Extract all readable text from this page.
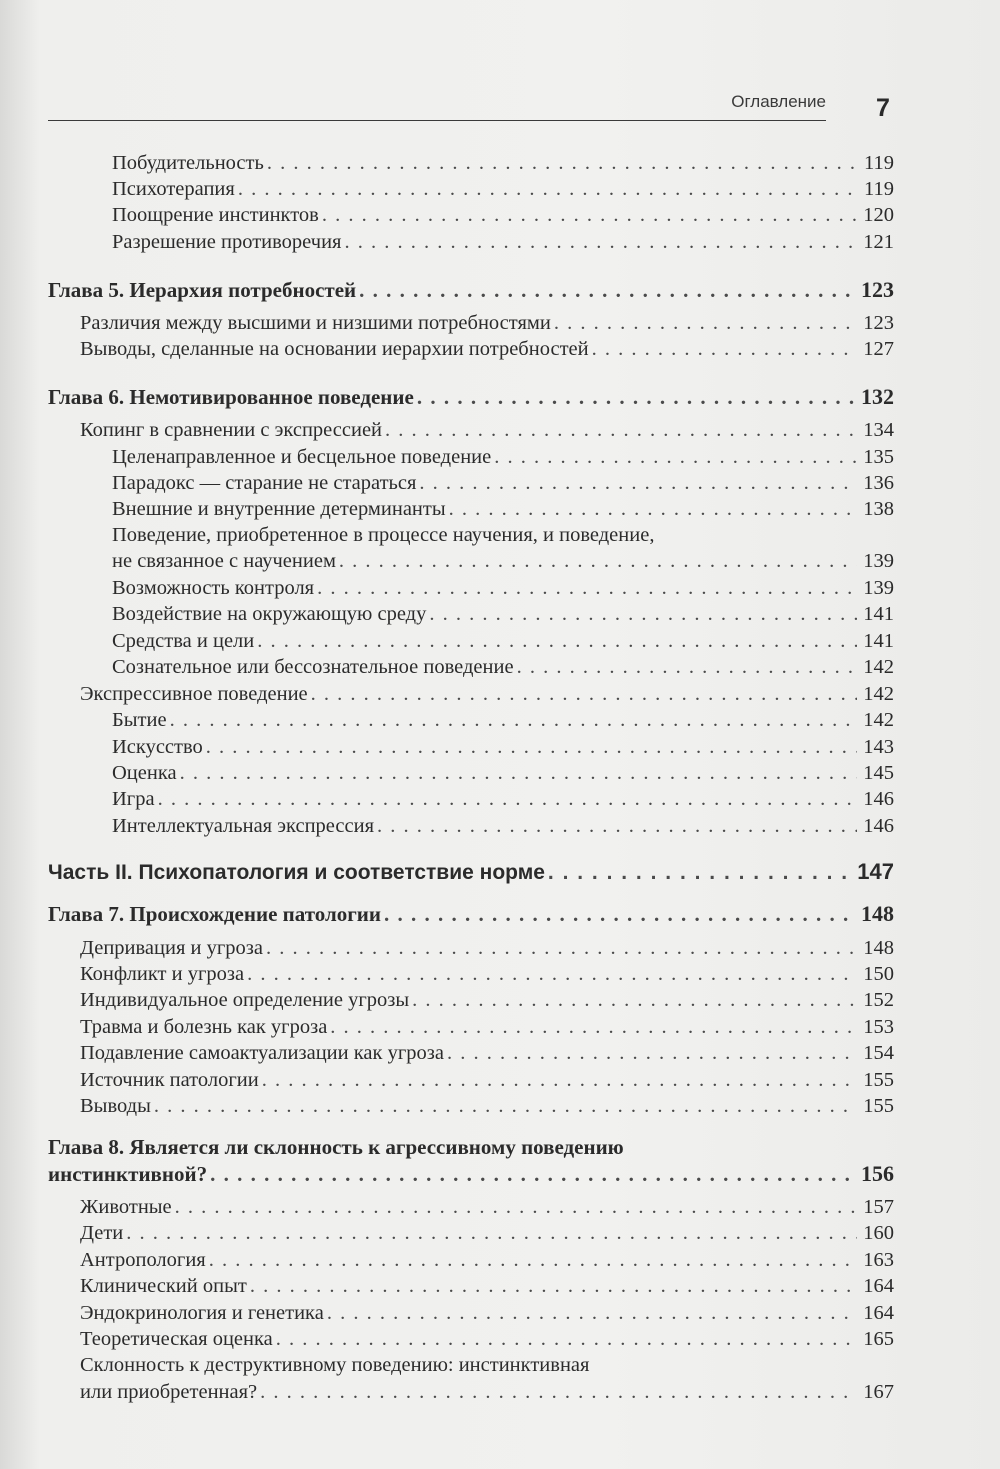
Оглавление 7
Побудительность . . .	119
Психотерапия . . .	119
Поощрение инстинктов . . .	120
Разрешение противоречия . . .	121
Глава 5. Иерархия потребностей . . .	123
Различия между высшими и низшими потребностями . . .	123
Выводы, сделанные на основании иерархии потребностей . . .	127
Глава 6. Немотивированное поведение . . .	132
Копинг в сравнении с экспрессией . . .	134
Целенаправленное и бесцельное поведение . . .	135
Парадокс — старание не стараться . . .	136
Внешние и внутренние детерминанты . . .	138
Поведение, приобретенное в процессе научения, и поведение,
не связанное с научением . . .	139
Возможность контроля . . .	139
Воздействие на окружающую среду . . .	141
Средства и цели . . .	141
Сознательное или бессознательное поведение . . .	142
Экспрессивное поведение . . .	142
Бытие . . .	142
Искусство . . .	143
Оценка . . .	145
Игра . . .	146
Интеллектуальная экспрессия . . .	146
Часть II. Психопатология и соответствие норме . . .	147
Глава 7. Происхождение патологии . . .	148
Депривация и угроза . . .	148
Конфликт и угроза . . .	150
Индивидуальное определение угрозы . . .	152
Травма и болезнь как угроза . . .	153
Подавление самоактуализации как угроза . . .	154
Источник патологии . . .	155
Выводы . . .	155
Глава 8. Является ли склонность к агрессивному поведению
инстинктивной? . . .	156
Животные . . .	157
Дети . . .	160
Антропология . . .	163
Клинический опыт . . .	164
Эндокринология и генетика . . .	164
Теоретическая оценка . . .	165
Склонность к деструктивному поведению: инстинктивная
или приобретенная? . . .	167
